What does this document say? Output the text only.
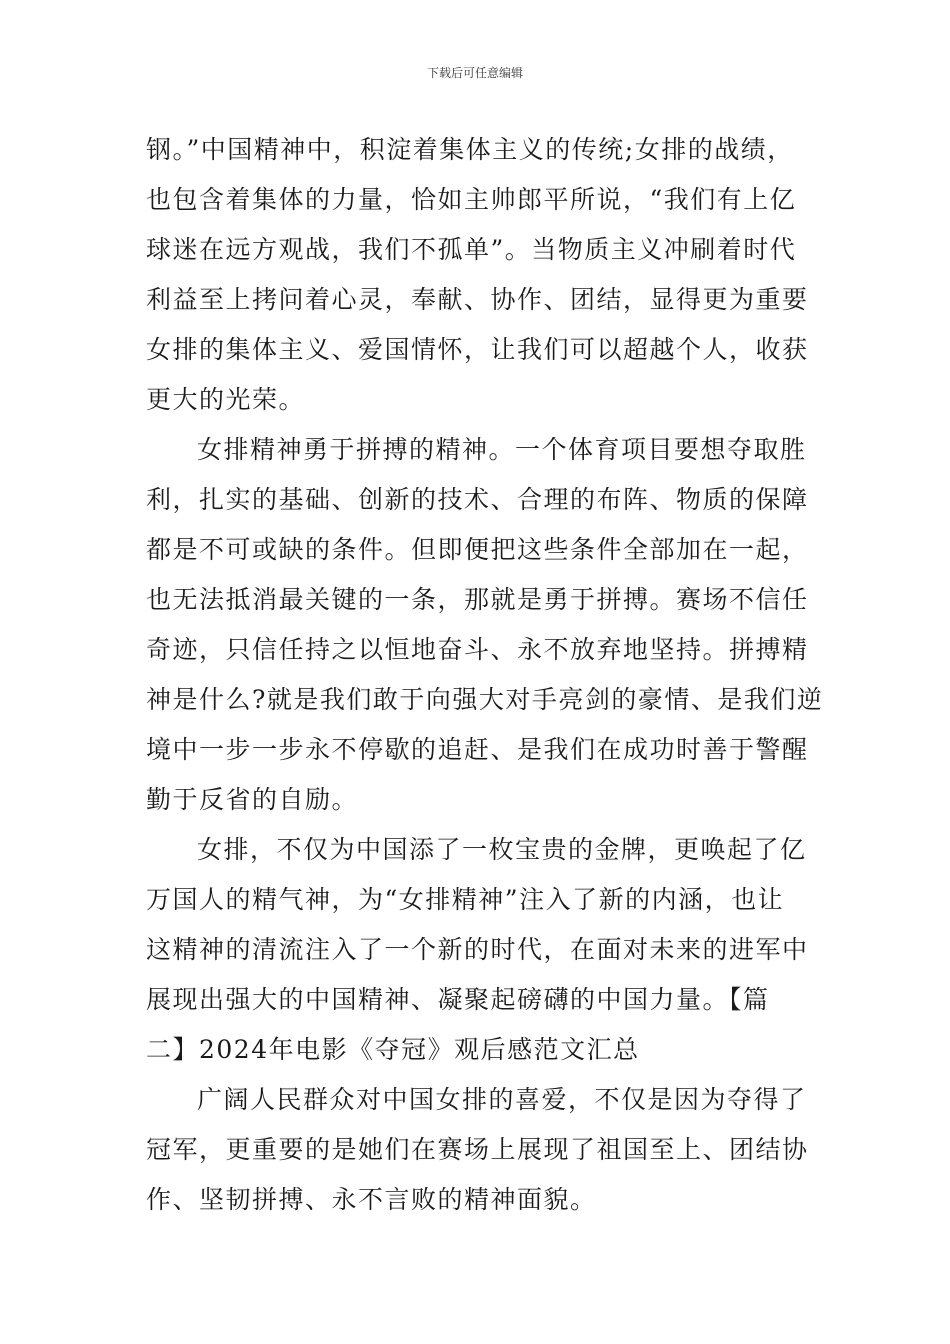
下载后可任意编辑
钢。”中国精神中，积淀着集体主义的传统;女排的战绩，
也包含着集体的力量，恰如主帅郎平所说，“我们有上亿
球迷在远方观战，我们不孤单”。当物质主义冲刷着时代
利益至上拷问着心灵，奉献、协作、团结，显得更为重要
女排的集体主义、爱国情怀，让我们可以超越个人，收获
更大的光荣。
女排精神勇于拼搏的精神。一个体育项目要想夺取胜
利，扎实的基础、创新的技术、合理的布阵、物质的保障
都是不可或缺的条件。但即便把这些条件全部加在一起，
也无法抵消最关键的一条，那就是勇于拼搏。赛场不信任
奇迹，只信任持之以恒地奋斗、永不放弃地坚持。拼搏精
神是什么?就是我们敢于向强大对手亮剑的豪情、是我们逆
境中一步一步永不停歇的追赶、是我们在成功时善于警醒
勤于反省的自励。
女排，不仅为中国添了一枚宝贵的金牌，更唤起了亿
万国人的精气神，为“女排精神”注入了新的内涵，也让
这精神的清流注入了一个新的时代，在面对未来的进军中
展现出强大的中国精神、凝聚起磅礴的中国力量。【篇
二】2024年电影《夺冠》观后感范文汇总
广阔人民群众对中国女排的喜爱，不仅是因为夺得了
冠军，更重要的是她们在赛场上展现了祖国至上、团结协
作、坚韧拼搏、永不言败的精神面貌。
